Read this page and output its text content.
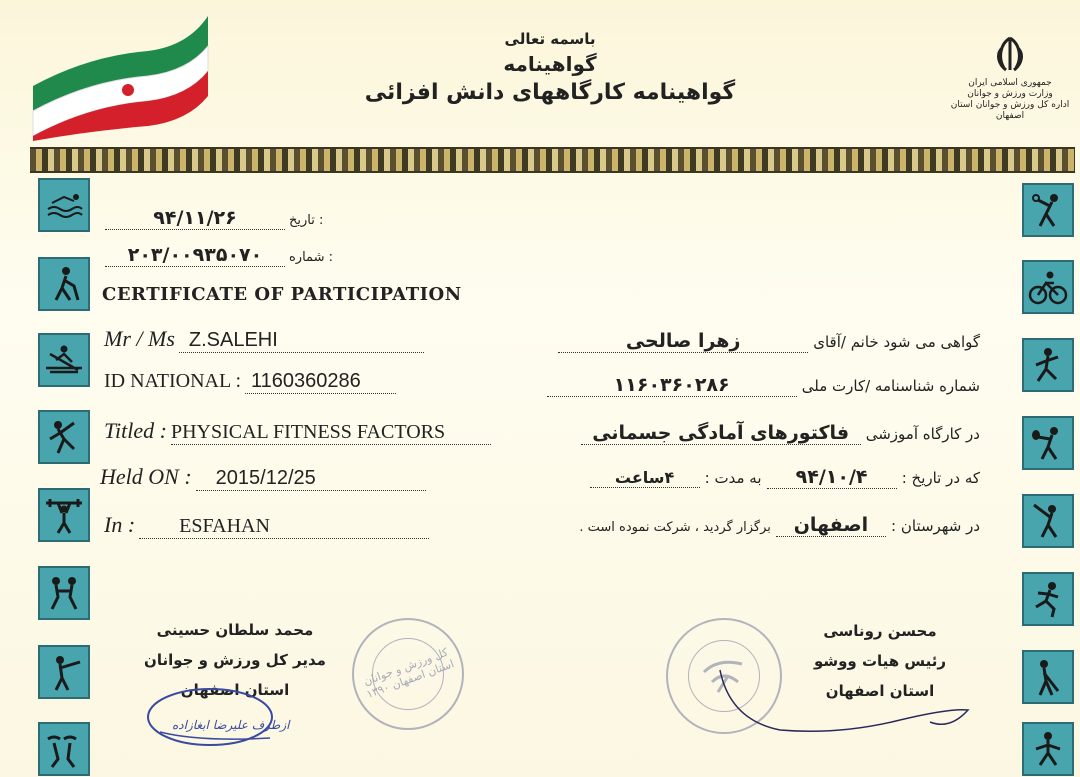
باسمه تعالی
گواهینامه
گواهینامه کارگاههای دانش افزائی	جمهوری اسلامی ایران
وزارت ورزش و جوانان
اداره کل ورزش و جوانان استان اصفهان
۹۴/۱۱/۲۶	تاریخ :
۲۰۳/۰۰۹۳۵۰۷۰ شماره :
CERTIFICATE OF PARTICIPATION
Mr / Ms Z.SALEHI
ID NATIONAL : 1160360286
Titled : PHYSICAL FITNESS FACTORS
Held ON : 2015/12/25
In : ESFAHAN
گواهی می شود خانم /آقای زهرا صالحی
شماره شناسنامه /کارت ملی ۱۱۶۰۳۶۰۲۸۶
در کارگاه آموزشی فاکتورهای آمادگی جسمانی
که در تاریخ : ۹۴/۱۰/۴ به مدت : ۴ساعت
در شهرستان : اصفهان برگزار گردید ، شرکت نموده است .
کل ورزش و جوانان استان اصفهان ۱۳۹۰
محمد سلطان حسینی
مدیر کل ورزش و جوانان
استان اصفهان
ازطرف علیرضا ابغازاده
محسن روناسی
رئیس هیات ووشو
استان اصفهان
